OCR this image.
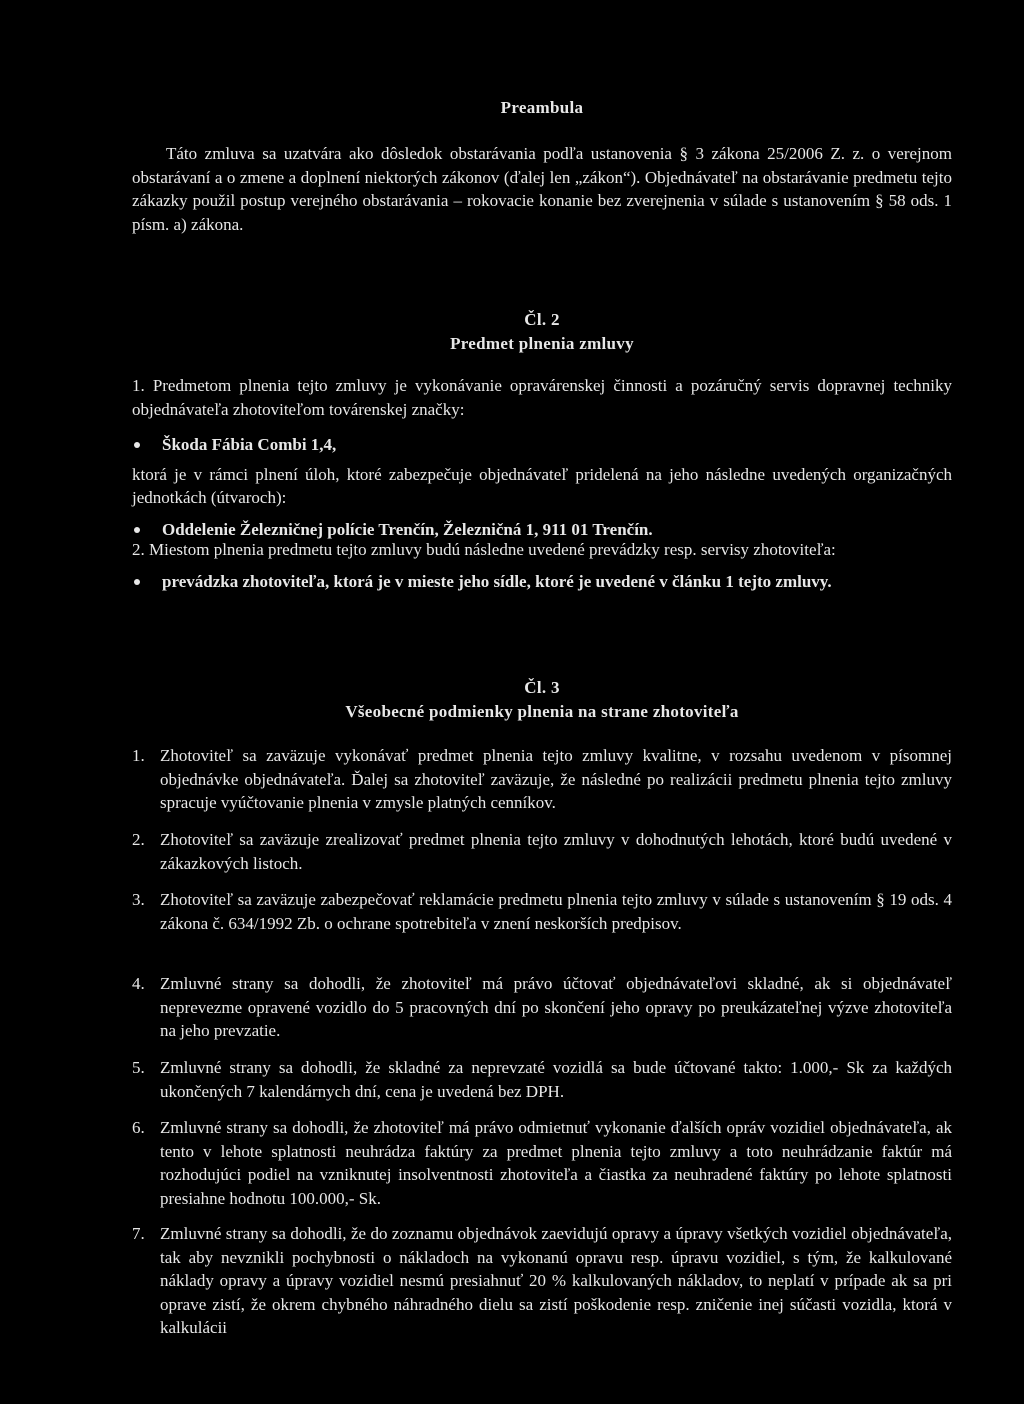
Preambula
Táto zmluva sa uzatvára ako dôsledok obstarávania podľa ustanovenia § 3 zákona 25/2006 Z. z. o verejnom obstarávaní a o zmene a doplnení niektorých zákonov (ďalej len „zákon“). Objednávateľ na obstarávanie predmetu tejto zákazky použil postup verejného obstarávania – rokovacie konanie bez zverejnenia v súlade s ustanovením § 58 ods. 1 písm. a) zákona.
Čl. 2
Predmet plnenia zmluvy
1. Predmetom plnenia tejto zmluvy je vykonávanie opravárenskej činnosti a pozáručný servis dopravnej techniky objednávateľa zhotoviteľom továrenskej značky:
Škoda Fábia Combi 1,4,
ktorá je v rámci plnení úloh, ktoré zabezpečuje objednávateľ pridelená na jeho následne uvedených organizačných jednotkách (útvaroch):
Oddelenie Železničnej polície Trenčín, Železničná 1, 911 01 Trenčín.
2. Miestom plnenia predmetu tejto zmluvy budú následne uvedené prevádzky resp. servisy zhotoviteľa:
prevádzka zhotoviteľa, ktorá je v mieste jeho sídle, ktoré je uvedené v článku 1 tejto zmluvy.
Čl. 3
Všeobecné podmienky plnenia na strane zhotoviteľa
1. Zhotoviteľ sa zaväzuje vykonávať predmet plnenia tejto zmluvy kvalitne, v rozsahu uvedenom v písomnej objednávke objednávateľa. Ďalej sa zhotoviteľ zaväzuje, že následné po realizácii predmetu plnenia tejto zmluvy spracuje vyúčtovanie plnenia v zmysle platných cenníkov.
2. Zhotoviteľ sa zaväzuje zrealizovať predmet plnenia tejto zmluvy v dohodnutých lehotách, ktoré budú uvedené v zákazkových listoch.
3. Zhotoviteľ sa zaväzuje zabezpečovať reklamácie predmetu plnenia tejto zmluvy v súlade s ustanovením § 19 ods. 4 zákona č. 634/1992 Zb. o ochrane spotrebiteľa v znení neskorších predpisov.
4. Zmluvné strany sa dohodli, že zhotoviteľ má právo účtovať objednávateľovi skladné, ak si objednávateľ neprevezme opravené vozidlo do 5 pracovných dní po skončení jeho opravy po preukázateľnej výzve zhotoviteľa na jeho prevzatie.
5. Zmluvné strany sa dohodli, že skladné za neprevzaté vozidlá sa bude účtované takto: 1.000,- Sk za každých ukončených 7 kalendárnych dní, cena je uvedená bez DPH.
6. Zmluvné strany sa dohodli, že zhotoviteľ má právo odmietnuť vykonanie ďalších opráv vozidiel objednávateľa, ak tento v lehote splatnosti neuhrádza faktúry za predmet plnenia tejto zmluvy a toto neuhrádzanie faktúr má rozhodujúci podiel na vzniknutej insolventnosti zhotoviteľa a čiastka za neuhradené faktúry po lehote splatnosti presiahne hodnotu 100.000,- Sk.
7. Zmluvné strany sa dohodli, že do zoznamu objednávok zaevidujú opravy a úpravy všetkých vozidiel objednávateľa, tak aby nevznikli pochybnosti o nákladoch na vykonanú opravu resp. úpravu vozidiel, s tým, že kalkulované náklady opravy a úpravy vozidiel nesmú presiahnuť 20 % kalkulovaných nákladov, to neplatí v prípade ak sa pri oprave zistí, že okrem chybného náhradného dielu sa zistí poškodenie resp. zničenie inej súčasti vozidla, ktorá v kalkulácii
